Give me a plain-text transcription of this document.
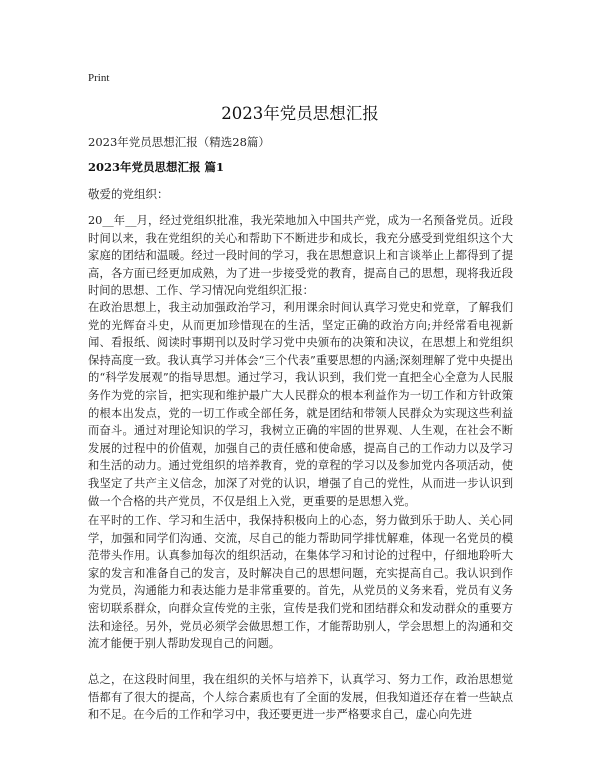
Print
2023年党员思想汇报
2023年党员思想汇报（精选28篇）
2023年党员思想汇报 篇1
敬爱的党组织：

20__年__月，经过党组织批准，我光荣地加入中国共产党，成为一名预备党员。近段时间以来，我在党组织的关心和帮助下不断进步和成长，我充分感受到党组织这个大家庭的团结和温暖。经过一段时间的学习，我在思想意识上和言谈举止上都得到了提高，各方面已经更加成熟，为了进一步接受党的教育，提高自己的思想，现将我近段时间的思想、工作、学习情况向党组织汇报：

在政治思想上，我主动加强政治学习，利用课余时间认真学习党史和党章，了解我们党的光辉奋斗史，从而更加珍惜现在的生活，坚定正确的政治方向;并经常看电视新闻、看报纸、阅读时事期刊以及时学习党中央颁布的决策和决议，在思想上和党组织保持高度一致。我认真学习并体会“三个代表”重要思想的内涵;深刻理解了党中央提出的“科学发展观”的指导思想。通过学习，我认识到，我们党一直把全心全意为人民服务作为党的宗旨，把实现和维护最广大人民群众的根本利益作为一切工作和方针政策的根本出发点，党的一切工作或全部任务，就是团结和带领人民群众为实现这些利益而奋斗。通过对理论知识的学习，我树立正确的牢固的世界观、人生观，在社会不断发展的过程中的价值观，加强自己的责任感和使命感，提高自己的工作动力以及学习和生活的动力。通过党组织的培养教育，党的章程的学习以及参加党内各项活动，使我坚定了共产主义信念，加深了对党的认识，增强了自己的党性，从而进一步认识到做一个合格的共产党员，不仅是组上入党，更重要的是思想入党。

在平时的工作、学习和生活中，我保持积极向上的心态，努力做到乐于助人、关心同学，加强和同学们沟通、交流，尽自己的能力帮助同学排忧解难，体现一名党员的模范带头作用。认真参加每次的组织活动，在集体学习和讨论的过程中，仔细地聆听大家的发言和准备自己的发言，及时解决自己的思想问题，充实提高自己。我认识到作为党员，沟通能力和表达能力是非常重要的。首先，从党员的义务来看，党员有义务密切联系群众，向群众宣传党的主张，宣传是我们党和团结群众和发动群众的重要方法和途径。另外，党员必须学会做思想工作，才能帮助别人，学会思想上的沟通和交流才能便于别人帮助发现自己的问题。

总之，在这段时间里，我在组织的关怀与培养下，认真学习、努力工作，政治思想觉悟都有了很大的提高，个人综合素质也有了全面的发展，但我知道还存在着一些缺点和不足。在今后的工作和学习中，我还要更进一步严格要求自己，虚心向先进
